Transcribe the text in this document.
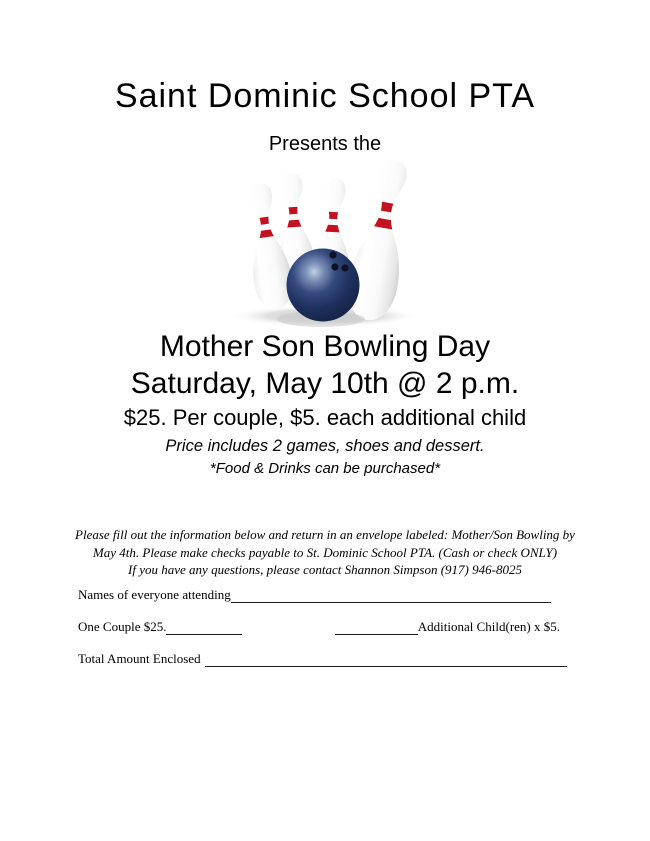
Saint Dominic School PTA
Presents the
Mother Son Bowling Day
Saturday, May 10th @ 2 p.m.
$25. Per couple, $5. each additional child
Price includes 2 games, shoes and dessert.
*Food & Drinks can be purchased*
Please fill out the information below and return in an envelope labeled: Mother/Son Bowling by
May 4th. Please make checks payable to St. Dominic School PTA. (Cash or check ONLY)
If you have any questions, please contact Shannon Simpson (917) 946-8025
Names of everyone attending
One Couple $25.	Additional Child(ren) x $5.
Total Amount Enclosed
